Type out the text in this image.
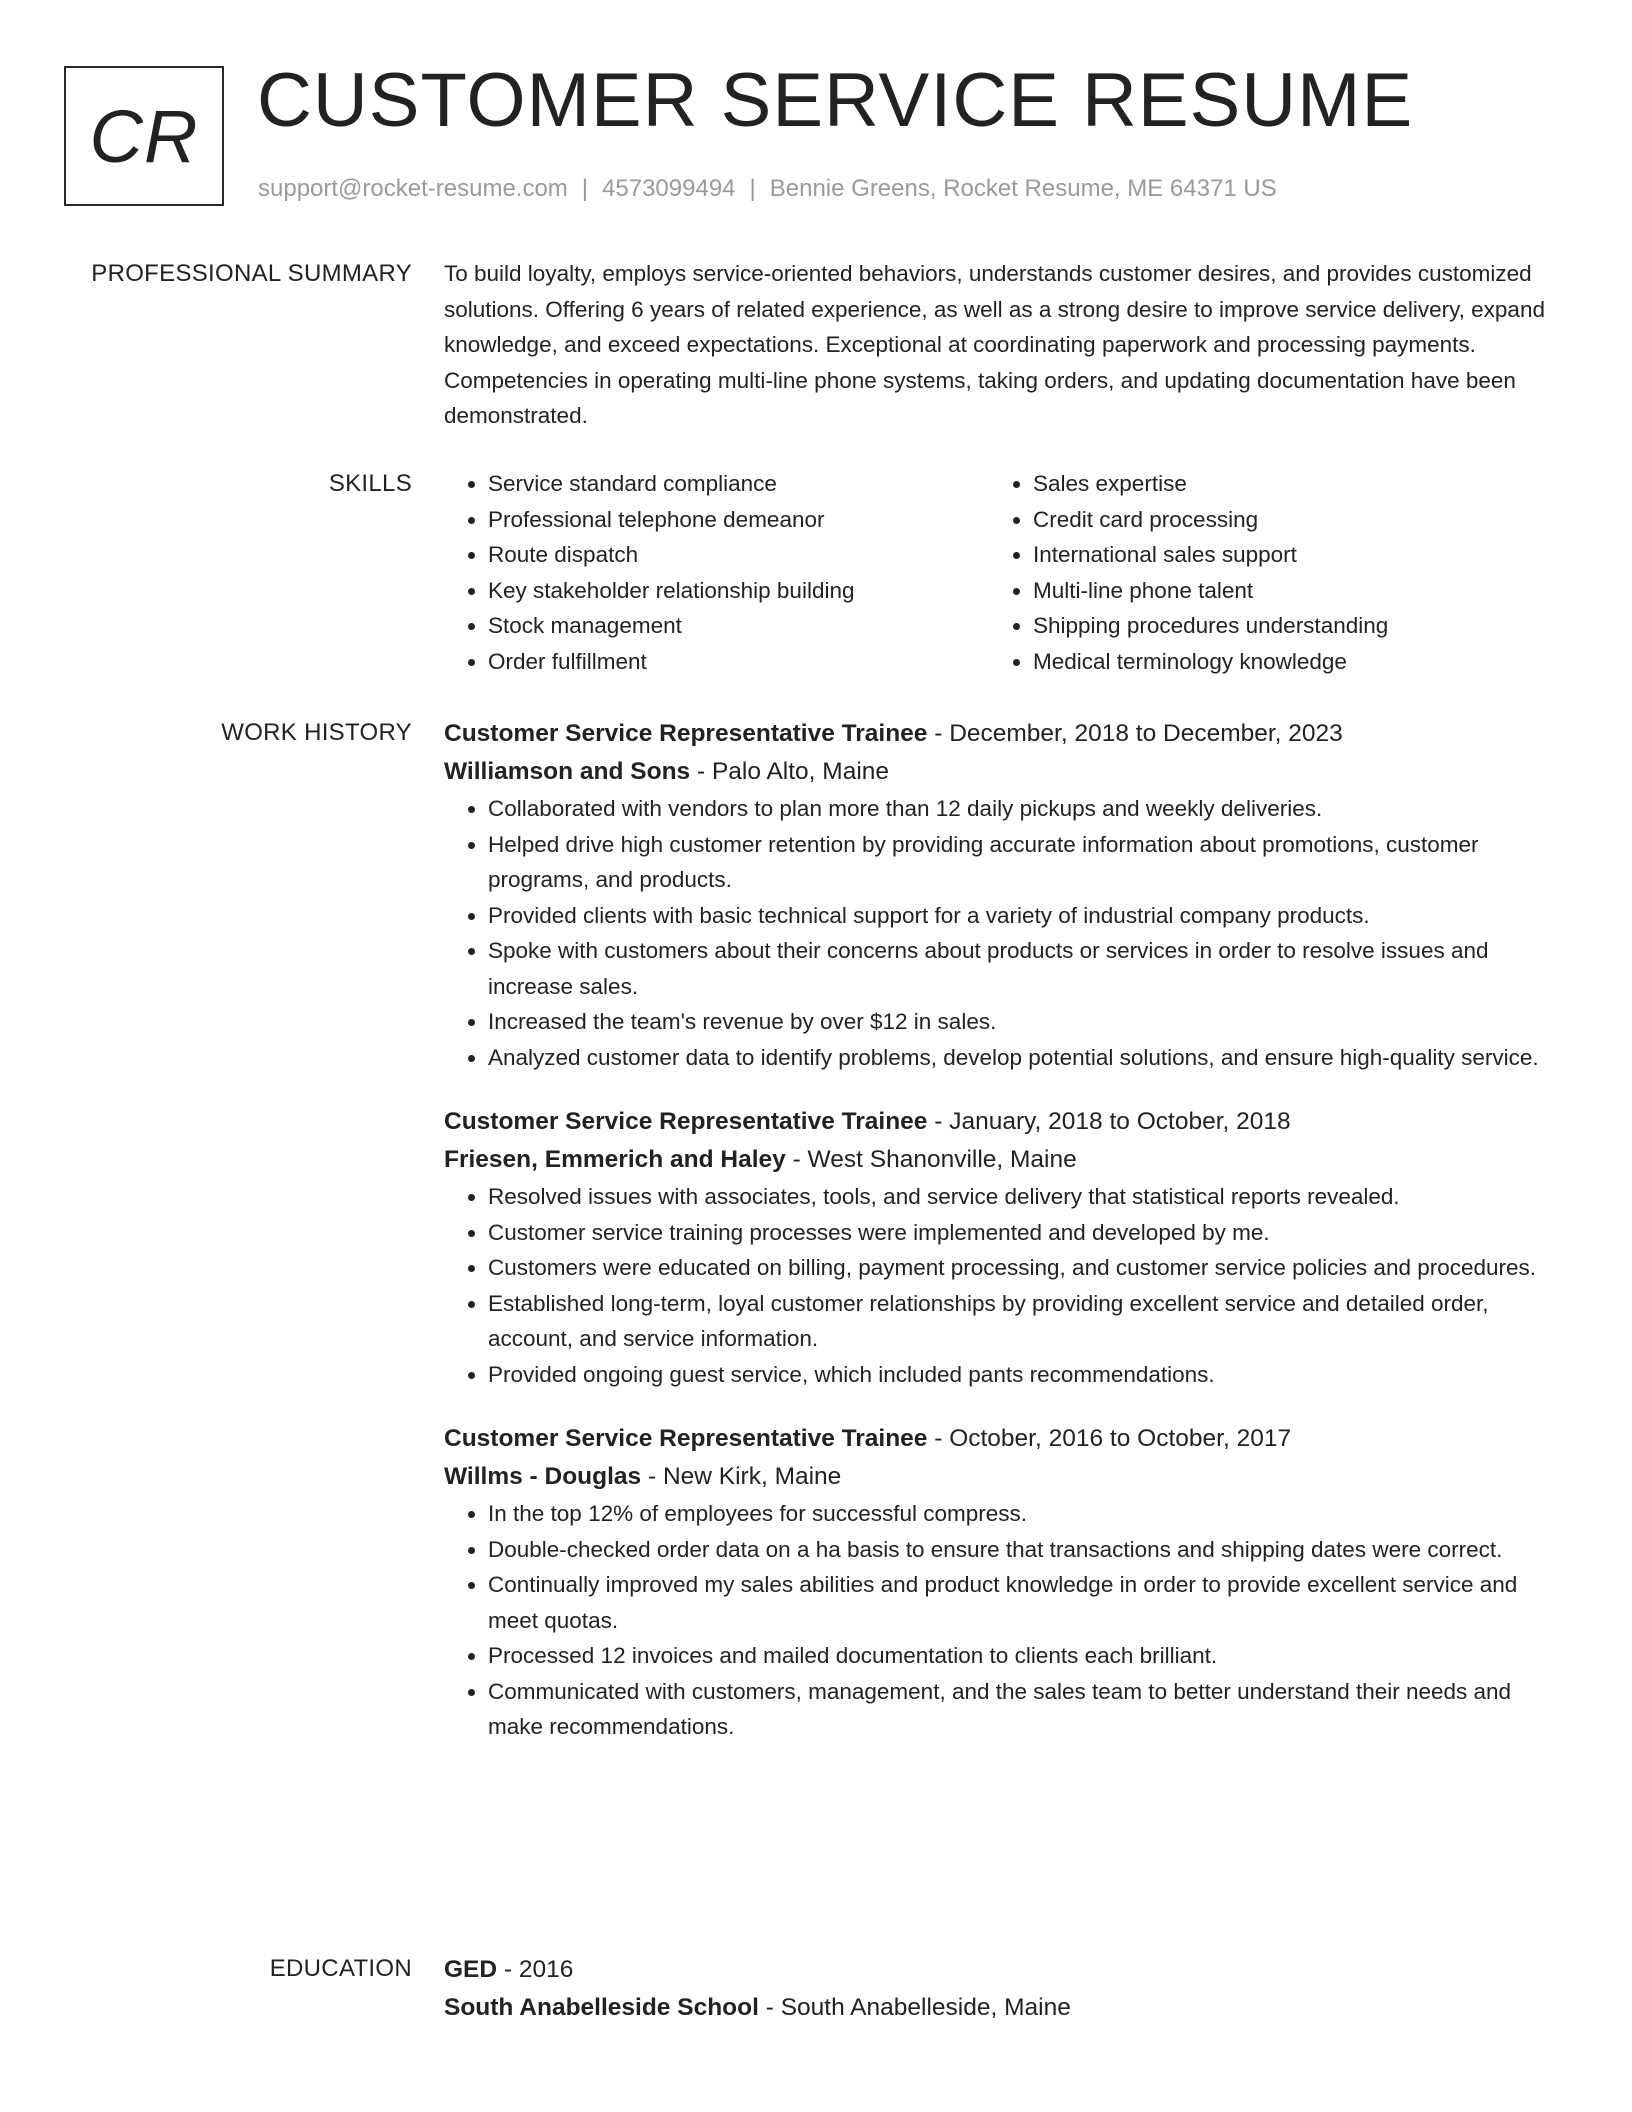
CR CUSTOMER SERVICE RESUME
support@rocket-resume.com | 4573099494 | Bennie Greens, Rocket Resume, ME 64371 US
PROFESSIONAL SUMMARY To build loyalty, employs service-oriented behaviors, understands customer desires, and provides customized solutions. Offering 6 years of related experience, as well as a strong desire to improve service delivery, expand knowledge, and exceed expectations. Exceptional at coordinating paperwork and processing payments. Competencies in operating multi-line phone systems, taking orders, and updating documentation have been demonstrated.

SKILLS
•	Service standard compliance
• Professional telephone demeanor
• Route dispatch
• Key stakeholder relationship building
• Stock management
• Order fulfillment
• Sales expertise
• Credit card processing
• International sales support
• Multi-line phone talent
• Shipping procedures understanding
• Medical terminology knowledge
WORK HISTORY Customer Service Representative Trainee - December, 2018 to December, 2023
Williamson and Sons - Palo Alto, Maine
• Collaborated with vendors to plan more than 12 daily pickups and weekly deliveries.
• Helped drive high customer retention by providing accurate information about promotions, customer programs, and products.
• Provided clients with basic technical support for a variety of industrial company products.
• Spoke with customers about their concerns about products or services in order to resolve issues and increase sales.
• Increased the team's revenue by over $12 in sales.
• Analyzed customer data to identify problems, develop potential solutions, and ensure high-quality service.
Customer Service Representative Trainee - January, 2018 to October, 2018
Friesen, Emmerich and Haley - West Shanonville, Maine
• Resolved issues with associates, tools, and service delivery that statistical reports revealed.
• Customer service training processes were implemented and developed by me.
• Customers were educated on billing, payment processing, and customer service policies and procedures.
• Established long-term, loyal customer relationships by providing excellent service and detailed order, account, and service information.
• Provided ongoing guest service, which included pants recommendations.
Customer Service Representative Trainee - October, 2016 to October, 2017
Willms - Douglas - New Kirk, Maine
• In the top 12% of employees for successful compress.
• Double-checked order data on a ha basis to ensure that transactions and shipping dates were correct.
• Continually improved my sales abilities and product knowledge in order to provide excellent service and meet quotas.
• Processed 12 invoices and mailed documentation to clients each brilliant.
• Communicated with customers, management, and the sales team to better understand their needs and make recommendations.
EDUCATION GED - 2016
South Anabelleside School - South Anabelleside, Maine
